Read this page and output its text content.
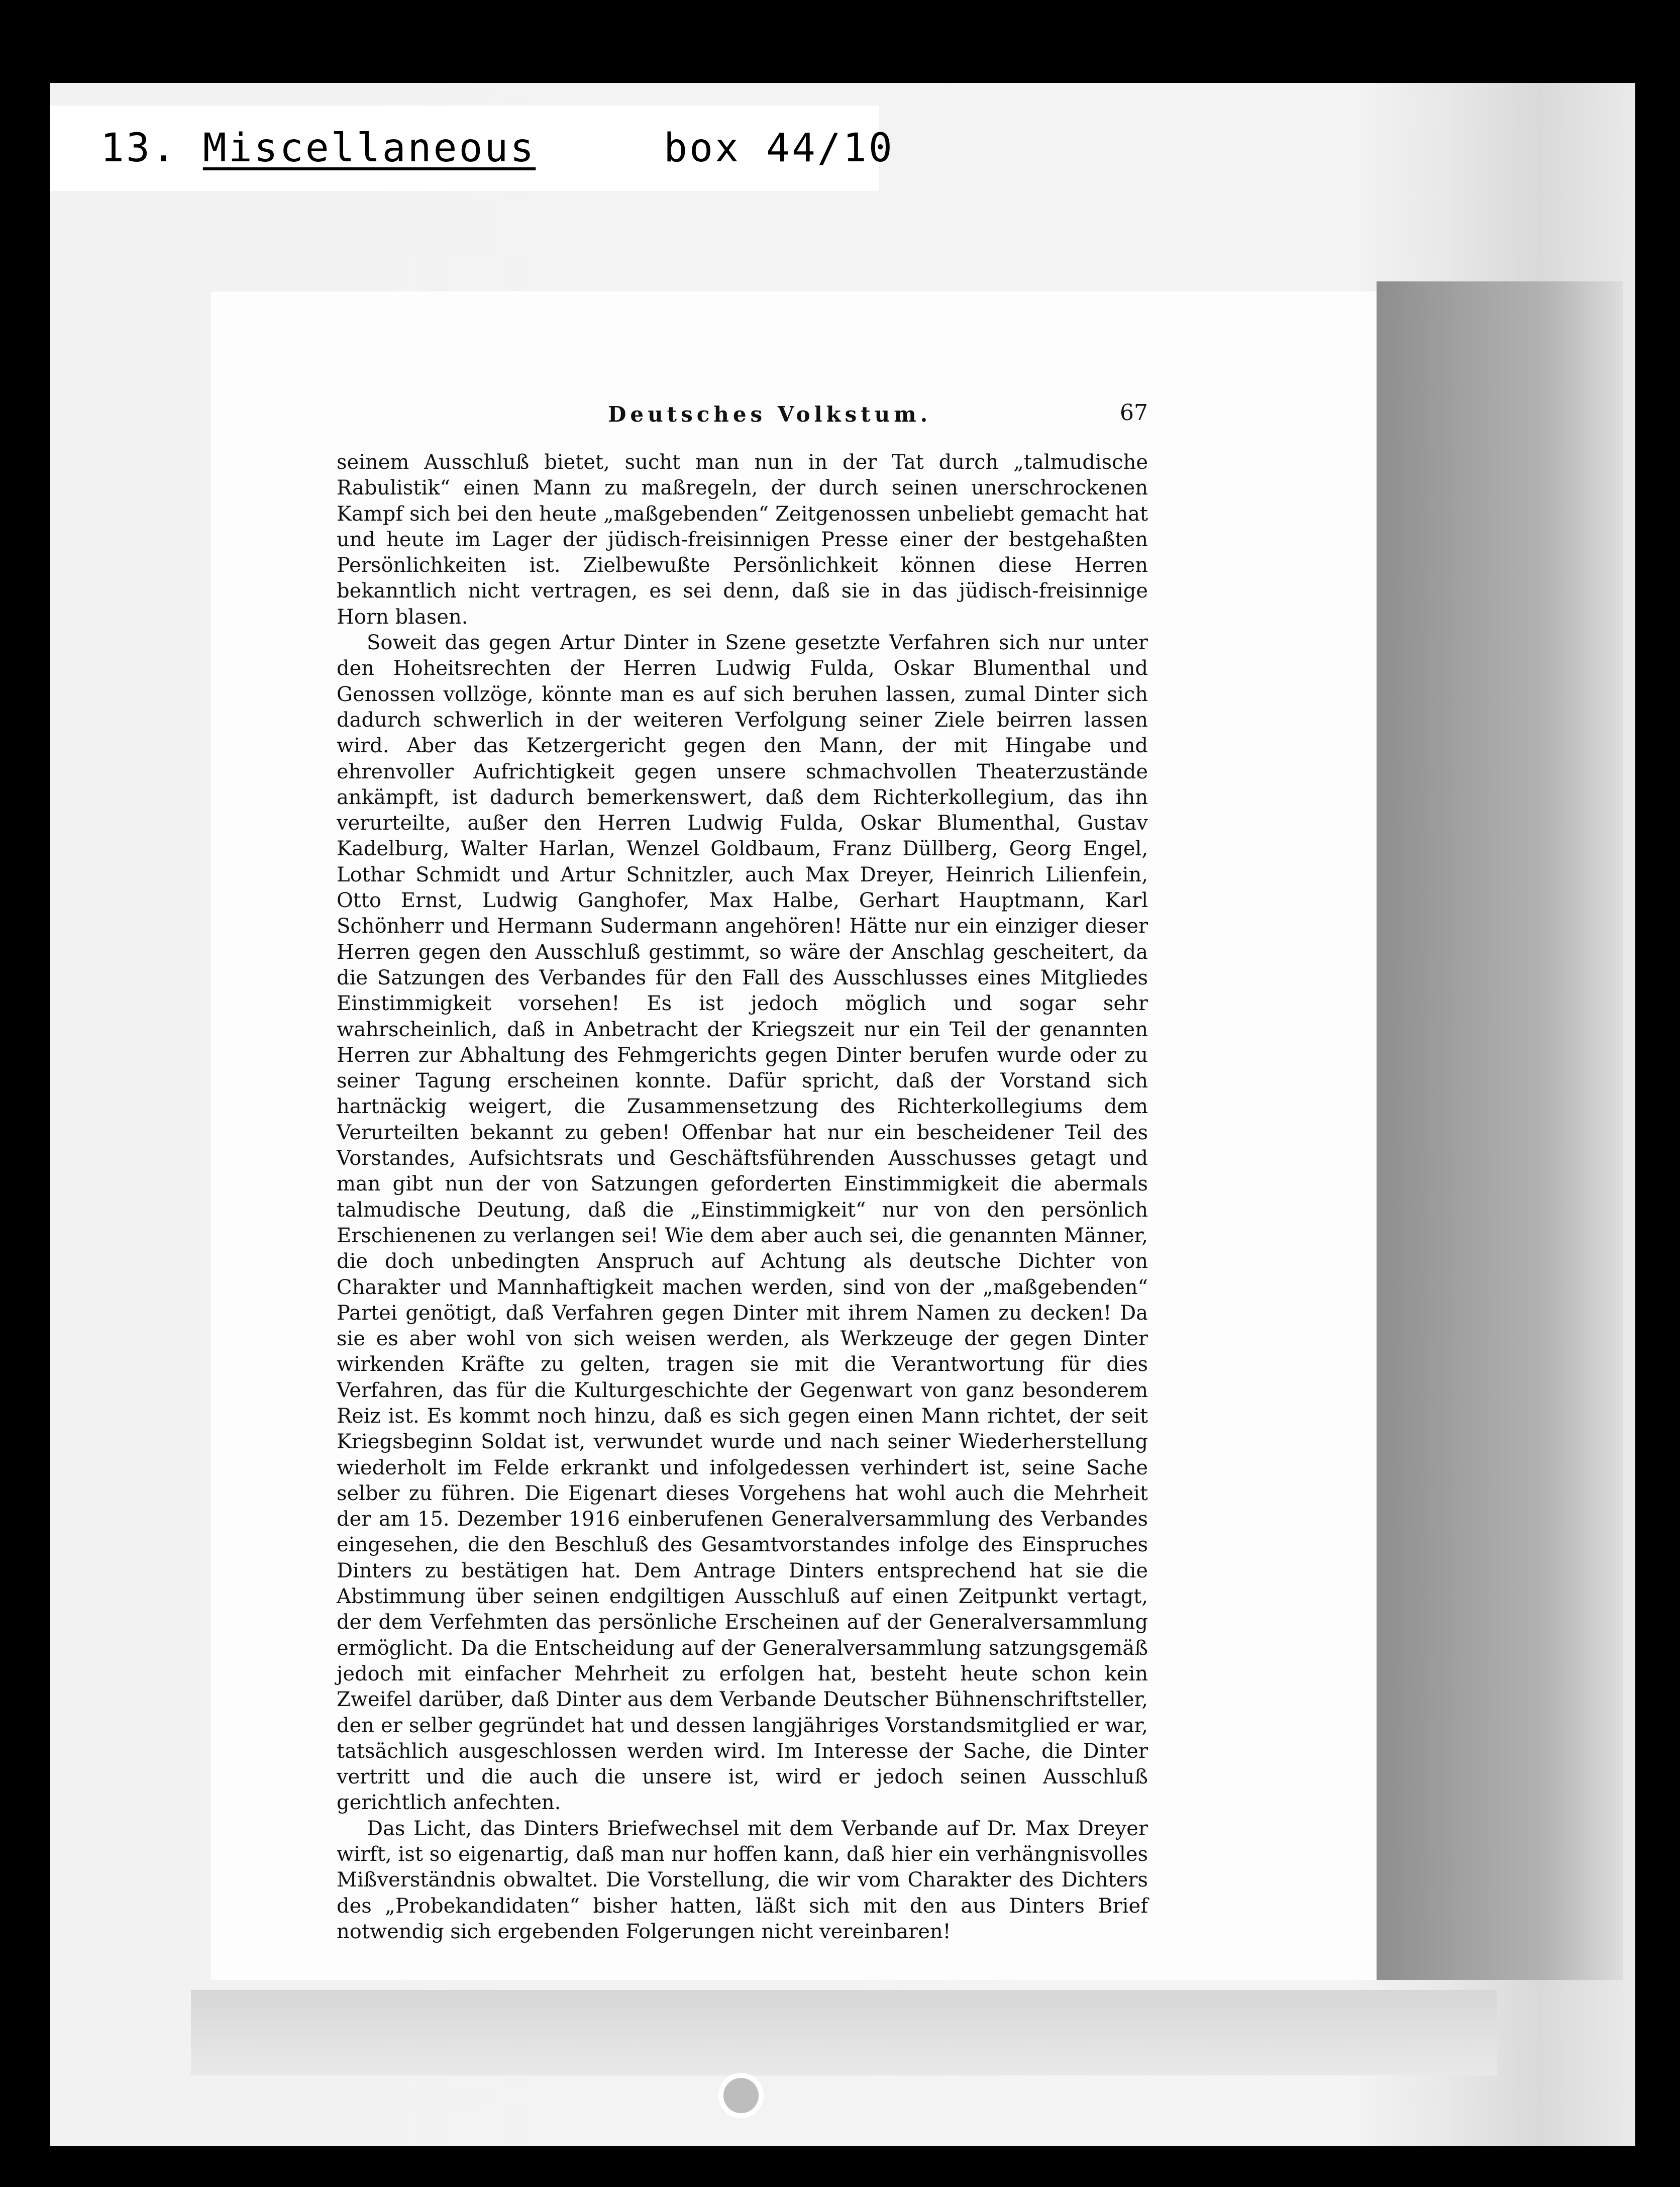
13. Miscellaneous	box 44/10
Deutsches Volkstum.	67

seinem Ausschluß bietet, sucht man nun in der Tat durch „talmudische Rabulistik“ einen Mann zu maßregeln, der durch seinen unerschrockenen Kampf sich bei den heute „maßgebenden“ Zeitgenossen unbeliebt gemacht hat und heute im Lager der jüdisch-freisinnigen Presse einer der bestgehaßten Persönlichkeiten ist. Zielbewußte Persönlichkeit können diese Herren bekanntlich nicht vertragen, es sei denn, daß sie in das jüdisch-freisinnige Horn blasen.

Soweit das gegen Artur Dinter in Szene gesetzte Verfahren sich nur unter den Hoheitsrechten der Herren Ludwig Fulda, Oskar Blumenthal und Genossen vollzöge, könnte man es auf sich beruhen lassen, zumal Dinter sich dadurch schwerlich in der weiteren Verfolgung seiner Ziele beirren lassen wird. Aber das Ketzergericht gegen den Mann, der mit Hingabe und ehrenvoller Aufrichtigkeit gegen unsere schmachvollen Theaterzustände ankämpft, ist dadurch bemerkenswert, daß dem Richterkollegium, das ihn verurteilte, außer den Herren Ludwig Fulda, Oskar Blumenthal, Gustav Kadelburg, Walter Harlan, Wenzel Goldbaum, Franz Düllberg, Georg Engel, Lothar Schmidt und Artur Schnitzler, auch Max Dreyer, Heinrich Lilienfein, Otto Ernst, Ludwig Ganghofer, Max Halbe, Gerhart Hauptmann, Karl Schönherr und Hermann Sudermann angehören! Hätte nur ein einziger dieser Herren gegen den Ausschluß gestimmt, so wäre der Anschlag gescheitert, da die Satzungen des Verbandes für den Fall des Ausschlusses eines Mitgliedes Einstimmigkeit vorsehen! Es ist jedoch möglich und sogar sehr wahrscheinlich, daß in Anbetracht der Kriegszeit nur ein Teil der genannten Herren zur Abhaltung des Fehmgerichts gegen Dinter berufen wurde oder zu seiner Tagung erscheinen konnte. Dafür spricht, daß der Vorstand sich hartnäckig weigert, die Zusammensetzung des Richterkollegiums dem Verurteilten bekannt zu geben! Offenbar hat nur ein bescheidener Teil des Vorstandes, Aufsichtsrats und Geschäftsführenden Ausschusses getagt und man gibt nun der von Satzungen geforderten Einstimmigkeit die abermals talmudische Deutung, daß die „Einstimmigkeit“ nur von den persönlich Erschienenen zu verlangen sei! Wie dem aber auch sei, die genannten Männer, die doch unbedingten Anspruch auf Achtung als deutsche Dichter von Charakter und Mannhaftigkeit machen werden, sind von der „maßgebenden“ Partei genötigt, daß Verfahren gegen Dinter mit ihrem Namen zu decken! Da sie es aber wohl von sich weisen werden, als Werkzeuge der gegen Dinter wirkenden Kräfte zu gelten, tragen sie mit die Verantwortung für dies Verfahren, das für die Kulturgeschichte der Gegenwart von ganz besonderem Reiz ist. Es kommt noch hinzu, daß es sich gegen einen Mann richtet, der seit Kriegsbeginn Soldat ist, verwundet wurde und nach seiner Wiederherstellung wiederholt im Felde erkrankt und infolgedessen verhindert ist, seine Sache selber zu führen. Die Eigenart dieses Vorgehens hat wohl auch die Mehrheit der am 15. Dezember 1916 einberufenen Generalversammlung des Verbandes eingesehen, die den Beschluß des Gesamtvorstandes infolge des Einspruches Dinters zu bestätigen hat. Dem Antrage Dinters entsprechend hat sie die Abstimmung über seinen endgiltigen Ausschluß auf einen Zeitpunkt vertagt, der dem Verfehmten das persönliche Erscheinen auf der Generalversammlung ermöglicht. Da die Entscheidung auf der Generalversammlung satzungsgemäß jedoch mit einfacher Mehrheit zu erfolgen hat, besteht heute schon kein Zweifel darüber, daß Dinter aus dem Verbande Deutscher Bühnenschriftsteller, den er selber gegründet hat und dessen langjähriges Vorstandsmitglied er war, tatsächlich ausgeschlossen werden wird. Im Interesse der Sache, die Dinter vertritt und die auch die unsere ist, wird er jedoch seinen Ausschluß gerichtlich anfechten.

Das Licht, das Dinters Briefwechsel mit dem Verbande auf Dr. Max Dreyer wirft, ist so eigenartig, daß man nur hoffen kann, daß hier ein verhängnisvolles Mißverständnis obwaltet. Die Vorstellung, die wir vom Charakter des Dichters des „Probekandidaten“ bisher hatten, läßt sich mit den aus Dinters Brief notwendig sich ergebenden Folgerungen nicht vereinbaren!
